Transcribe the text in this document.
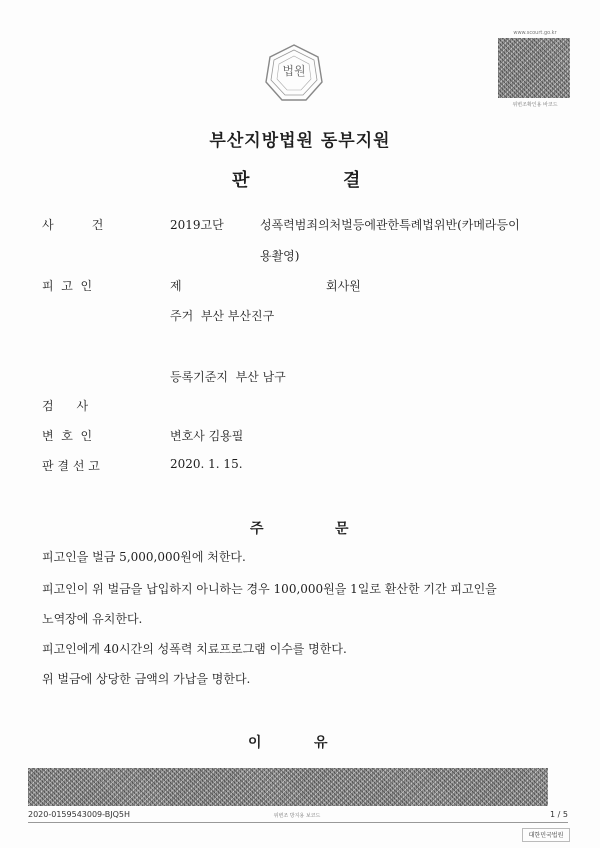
법원
www.scourt.go.kr
위변조확인용 바코드
부산지방법원 동부지원
판	결
사          건	2019고단	성폭력범죄의처벌등에관한특례법위반(카메라등이
용촬영)
피  고  인	제	회사원
주거  부산 부산진구
등록기준지  부산 남구
검      사
변  호  인	변호사 김용필
판 결 선 고	2020. 1. 15.
주	문
피고인을 벌금 5,000,000원에 처한다.
피고인이 위 벌금을 납입하지 아니하는 경우 100,000원을 1일로 환산한 기간 피고인을
노역장에 유치한다.
피고인에게 40시간의 성폭력 치료프로그램 이수를 명한다.
위 벌금에 상당한 금액의 가납을 명한다.
이	유
2020-0159543009-BJQ5H	위변조 방지용 보코드	1 / 5
대한민국법원
